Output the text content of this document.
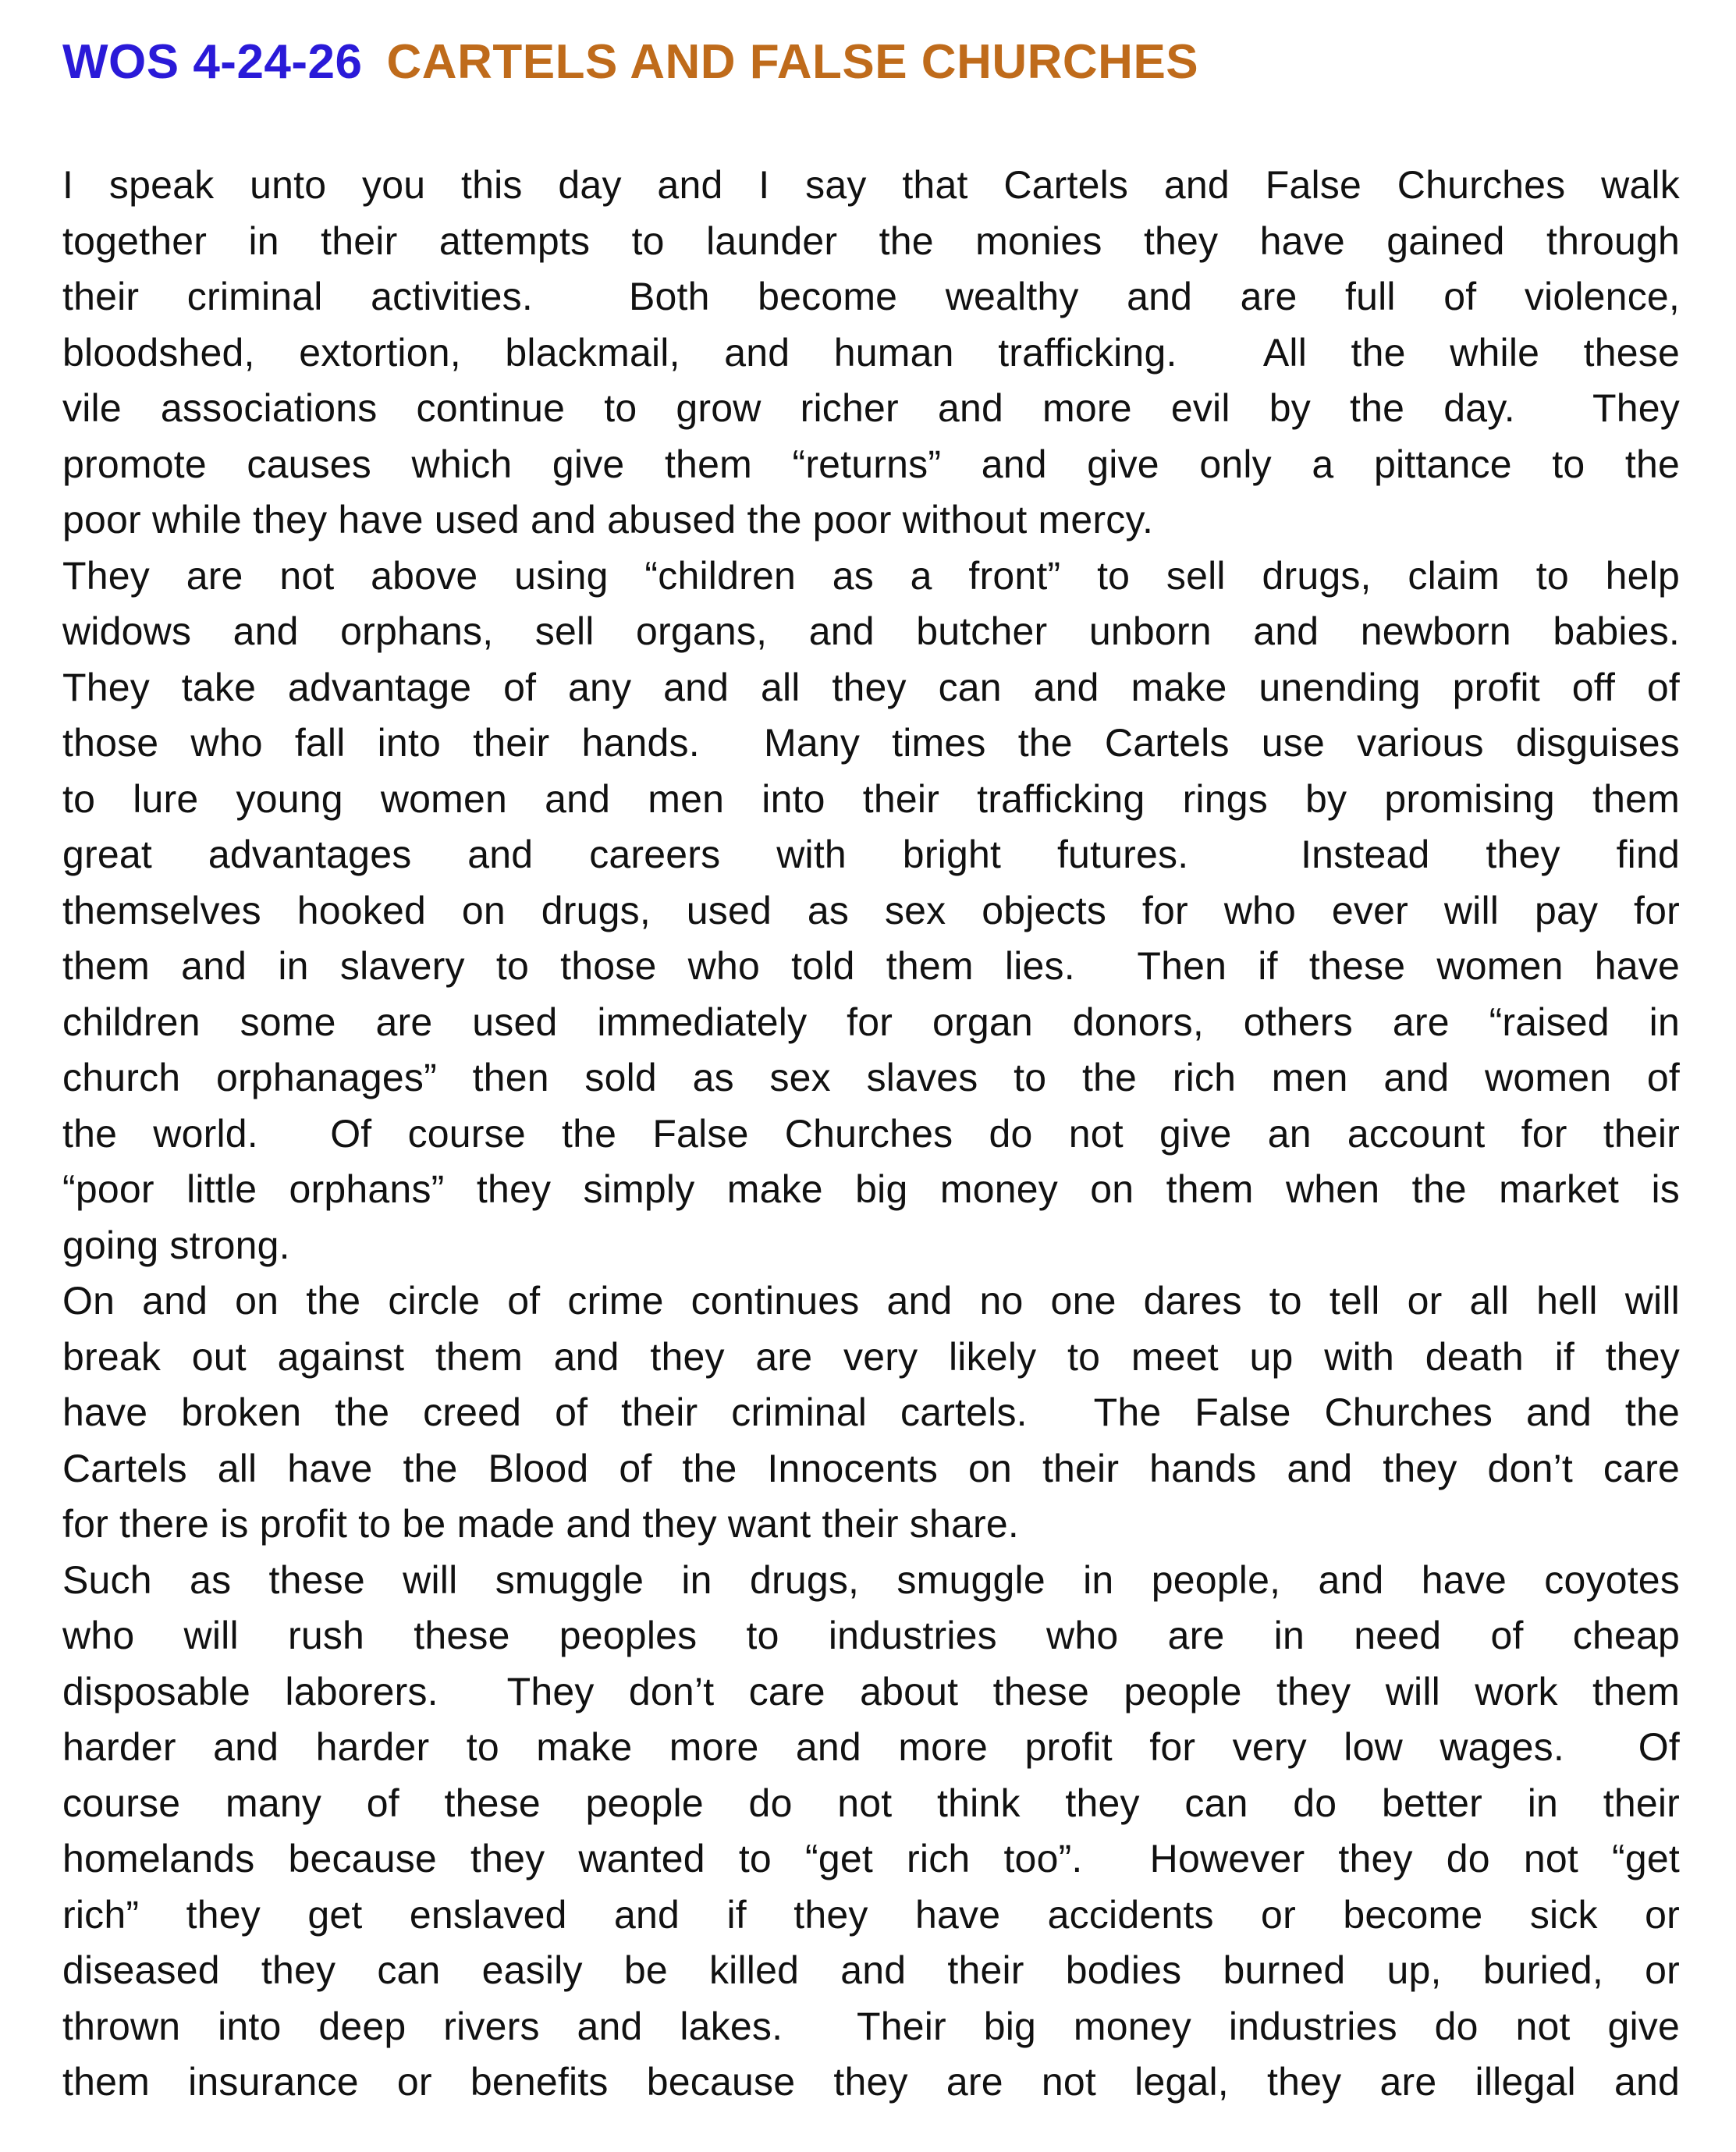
WOS 4-24-26 CARTELS AND FALSE CHURCHES
I speak unto you this day and I say that Cartels and False Churches walk
together in their attempts to launder the monies they have gained through
their criminal activities.  Both become wealthy and are full of violence,
bloodshed, extortion, blackmail, and human trafficking.  All the while these
vile associations continue to grow richer and more evil by the day.  They
promote causes which give them “returns” and give only a pittance to the
poor while they have used and abused the poor without mercy.
They are not above using “children as a front” to sell drugs, claim to help
widows and orphans, sell organs, and butcher unborn and newborn babies.
They take advantage of any and all they can and make unending profit off of
those who fall into their hands.  Many times the Cartels use various disguises
to lure young women and men into their trafficking rings by promising them
great advantages and careers with bright futures.  Instead they find
themselves hooked on drugs, used as sex objects for who ever will pay for
them and in slavery to those who told them lies.  Then if these women have
children some are used immediately for organ donors, others are “raised in
church orphanages” then sold as sex slaves to the rich men and women of
the world.  Of course the False Churches do not give an account for their
“poor little orphans” they simply make big money on them when the market is
going strong.
On and on the circle of crime continues and no one dares to tell or all hell will
break out against them and they are very likely to meet up with death if they
have broken the creed of their criminal cartels.  The False Churches and the
Cartels all have the Blood of the Innocents on their hands and they don’t care
for there is profit to be made and they want their share.
Such as these will smuggle in drugs, smuggle in people, and have coyotes
who will rush these peoples to industries who are in need of cheap
disposable laborers.  They don’t care about these people they will work them
harder and harder to make more and more profit for very low wages.  Of
course many of these people do not think they can do better in their
homelands because they wanted to “get rich too”.  However they do not “get
rich” they get enslaved and if they have accidents or become sick or
diseased they can easily be killed and their bodies burned up, buried, or
thrown into deep rivers and lakes.  Their big money industries do not give
them insurance or benefits because they are not legal, they are illegal and
